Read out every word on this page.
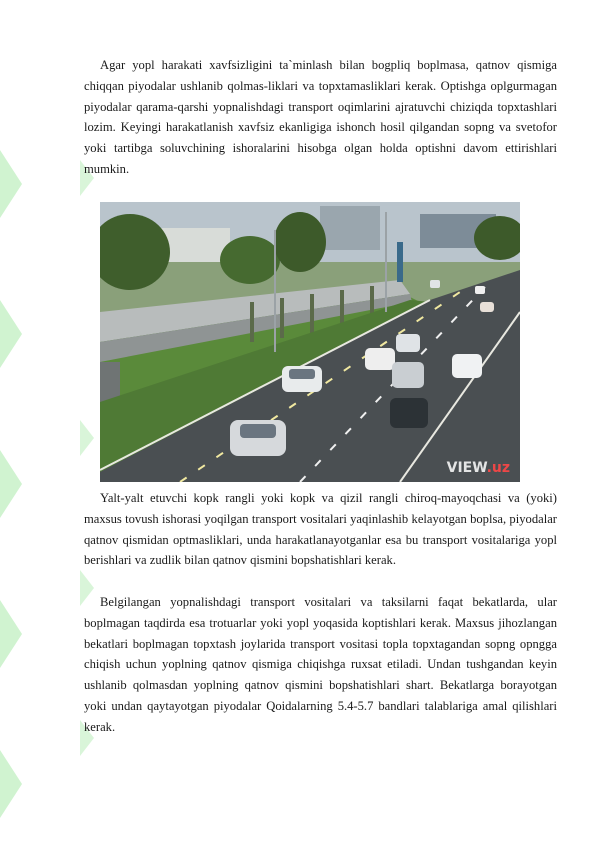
Agar yopl harakati xavfsizligini ta`minlash bilan bogpliq boplmasa, qatnov qismiga chiqqan piyodalar ushlanib qolmas-liklari va topxtamasliklari kerak. Optishga oplgurmagan piyodalar qarama-qarshi yopnalishdagi transport oqimlarini ajratuvchi chiziqda topxtashlari lozim. Keyingi harakatlanish xavfsiz ekanligiga ishonch hosil qilgandan sopng va svetofor yoki tartibga soluvchining ishoralarini hisobga olgan holda optishni davom ettirishlari mumkin.

VIEW.uz

Yalt-yalt etuvchi kopk rangli yoki kopk va qizil rangli chiroq-mayoqchasi va (yoki) maxsus tovush ishorasi yoqilgan transport vositalari yaqinlashib kelayotgan boplsa, piyodalar qatnov qismidan optmasliklari, unda harakatlanayotganlar esa bu transport vositalariga yopl berishlari va zudlik bilan qatnov qismini bopshatishlari kerak.

Belgilangan yopnalishdagi transport vositalari va taksilarni faqat bekatlarda, ular boplmagan taqdirda esa trotuarlar yoki yopl yoqasida koptishlari kerak. Maxsus jihozlangan bekatlari boplmagan topxtash joylarida transport vositasi topla topxtagandan sopng opngga chiqish uchun yoplning qatnov qismiga chiqishga ruxsat etiladi. Undan tushgandan keyin ushlanib qolmasdan yoplning qatnov qismini bopshatishlari shart. Bekatlarga borayotgan yoki undan qaytayotgan piyodalar Qoidalarning 5.4-5.7 bandlari talablariga amal qilishlari kerak.
